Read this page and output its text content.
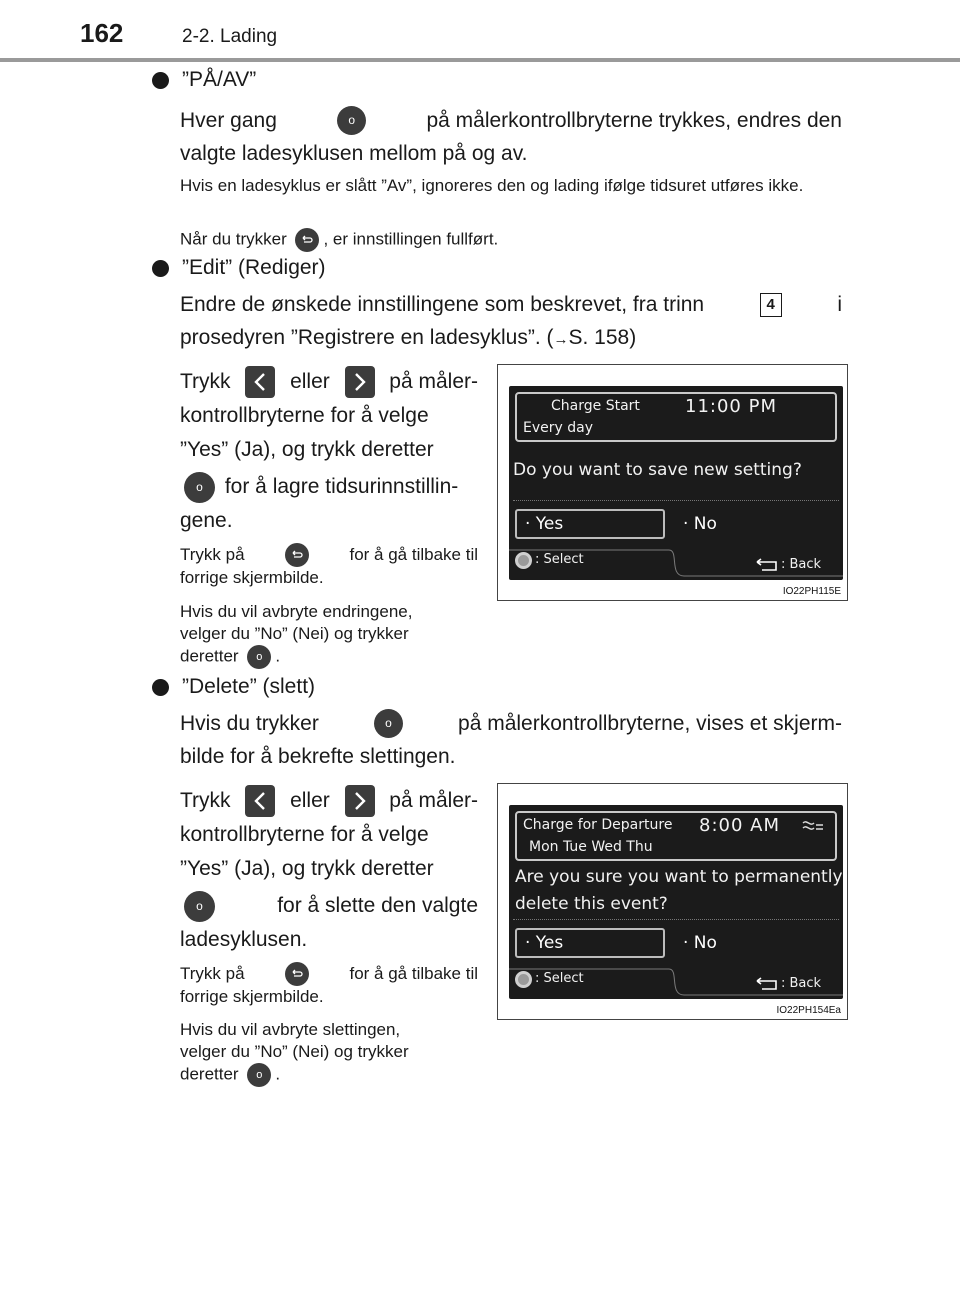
162	2-2. Lading
”PÅ/AV”
Hver gang	o	på målerkontrollbryterne trykkes, endres den
valgte ladesyklusen mellom på og av.
Hvis en ladesyklus er slått ”Av”, ignoreres den og lading ifølge tidsuret utføres ikke.
Når du trykker , er innstillingen fullført.
”Edit” (Rediger)
Endre de ønskede innstillingene som beskrevet, fra trinn	4	i
prosedyren ”Registrere en ladesyklus”. (→S. 158)
Trykk	eller	på måler-
kontrollbryterne for å velge
”Yes” (Ja), og trykk deretter
o for å lagre tidsurinnstillin-
gene.
Trykk på	for å gå tilbake til
forrige skjermbilde.
Hvis du vil avbryte endringene,
velger du ”No” (Nei) og trykker
deretter o .
Charge Start	11:00 PM
Every day
Do you want to save new setting?
· Yes	· No
: Select	: Back
IO22PH115E
”Delete” (slett)
Hvis du trykker	o	på målerkontrollbryterne, vises et skjerm-
bilde for å bekrefte slettingen.
Trykk	eller	på måler-
kontrollbryterne for å velge
”Yes” (Ja), og trykk deretter
o	for å slette den valgte
ladesyklusen.
Trykk på	for å gå tilbake til
forrige skjermbilde.
Hvis du vil avbryte slettingen,
velger du ”No” (Nei) og trykker
deretter o .
Charge for Departure 8:00 AM
Mon Tue Wed Thu
Are you sure you want to permanently
delete this event?
· Yes	· No
: Select	: Back
IO22PH154Ea
